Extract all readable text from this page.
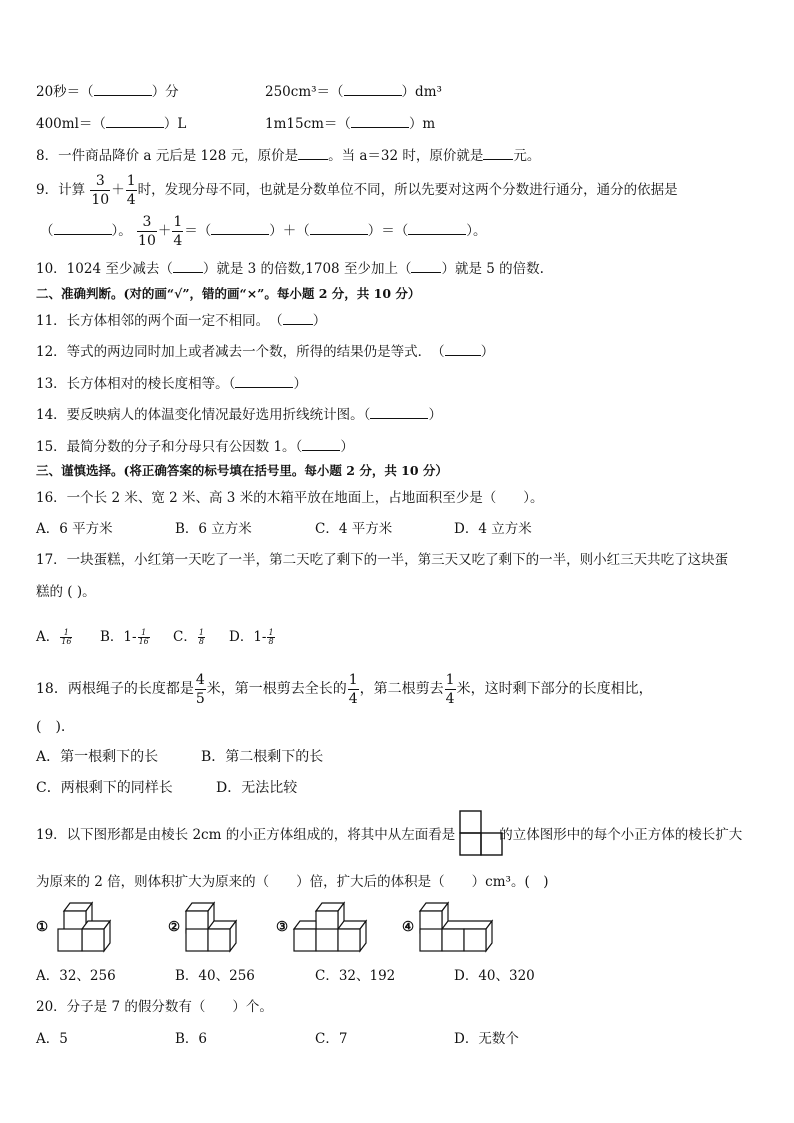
20秒＝（	）分	250cm³＝（	）dm³
400ml＝（	）L	1m15cm＝（	）m
8．一件商品降价 a 元后是 128 元，原价是 。当 a＝32 时，原价就是 元。
9．计算 $\frac{3}{10} + \frac{1}{4}$ 时，发现分母不同，也就是分数单位不同，所以先要对这两个分数进行通分，通分的依据是
（	）。 $\frac{3}{10} + \frac{1}{4}$ ＝（	）＋（	）＝（	）。
10．1024 至少减去（ ）就是 3 的倍数,1708 至少加上（ ）就是 5 的倍数.
二、准确判断。(对的画“√”，错的画“×”。每小题 2 分，共 10 分）
11．长方体相邻的两个面一定不相同。　（ ）
12．等式的两边同时加上或者减去一个数，所得的结果仍是等式．　（	）
13．长方体相对的棱长度相等。（	）
14．要反映病人的体温变化情况最好选用折线统计图。（	）
15．最简分数的分子和分母只有公因数 1。（	）
三、谨慎选择。(将正确答案的标号填在括号里。每小题 2 分，共 10 分）
16．一个长 2 米、宽 2 米、高 3 米的木箱平放在地面上，占地面积至少是（　　）。
A．6 平方米	B．6 立方米	C．4 平方米	D．4 立方米
17．一块蛋糕，小红第一天吃了一半，第二天吃了剩下的一半，第三天又吃了剩下的一半，则小红三天共吃了这块蛋
糕的 ( )。
A． $\frac{1}{16}$ B．$1- \frac{1}{16}$ C． $\frac{1}{8}$ D．$1- \frac{1}{8}$
18．两根绳子的长度都是 $\frac{4}{5}$ 米，第一根剪去全长的 $\frac{1}{4}$ ，第二根剪去 $\frac{1}{4}$ 米，这时剩下部分的长度相比，
(　).
A．第一根剩下的长	B．第二根剩下的长
C．两根剩下的同样长	D．无法比较
19．以下图形都是由棱长 2cm 的小正方体组成的，将其中从左面看是	的立体图形中的每个小正方体的棱长扩大
为原来的 2 倍，则体积扩大为原来的（　　）倍，扩大后的体积是（　　）cm³。(　)
①	②	③	④
A．32、256	B．40、256	C．32、192	D．40、320
20．分子是 7 的假分数有（　　）个。
A．5	B．6	C．7	D．无数个
